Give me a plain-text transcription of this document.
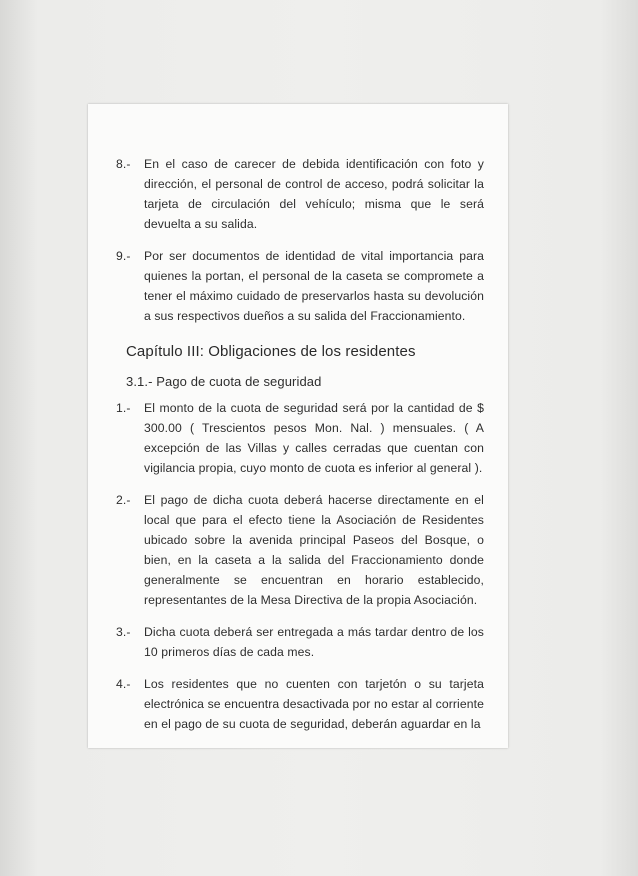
8.-	En el caso de carecer de debida identificación con foto y dirección, el personal de control de acceso, podrá solicitar la tarjeta de circulación del vehículo; misma que le será devuelta a su salida.
9.-	Por ser documentos de identidad de vital importancia para quienes la portan, el personal de la caseta se compromete a tener el máximo cuidado de preservarlos hasta su devolución a sus respectivos dueños a su salida del Fraccionamiento.
Capítulo III: Obligaciones de los residentes
3.1.- Pago de cuota de seguridad
1.-	El monto de la cuota de seguridad será por la cantidad de $ 300.00 ( Trescientos pesos Mon. Nal. ) mensuales. ( A excepción de las Villas y calles cerradas que cuentan con vigilancia propia, cuyo monto de cuota es inferior al general ).
2.-	El pago de dicha cuota deberá hacerse directamente en el local que para el efecto tiene la Asociación de Residentes ubicado sobre la avenida principal Paseos del Bosque, o bien, en la caseta a la salida del Fraccionamiento donde generalmente se encuentran en horario establecido, representantes de la Mesa Directiva de la propia Asociación.
3.-	Dicha cuota deberá ser entregada a más tardar dentro de los 10 primeros días de cada mes.
4.-	Los residentes que no cuenten con tarjetón o su tarjeta electrónica se encuentra desactivada por no estar al corriente en el pago de su cuota de seguridad, deberán aguardar en la
